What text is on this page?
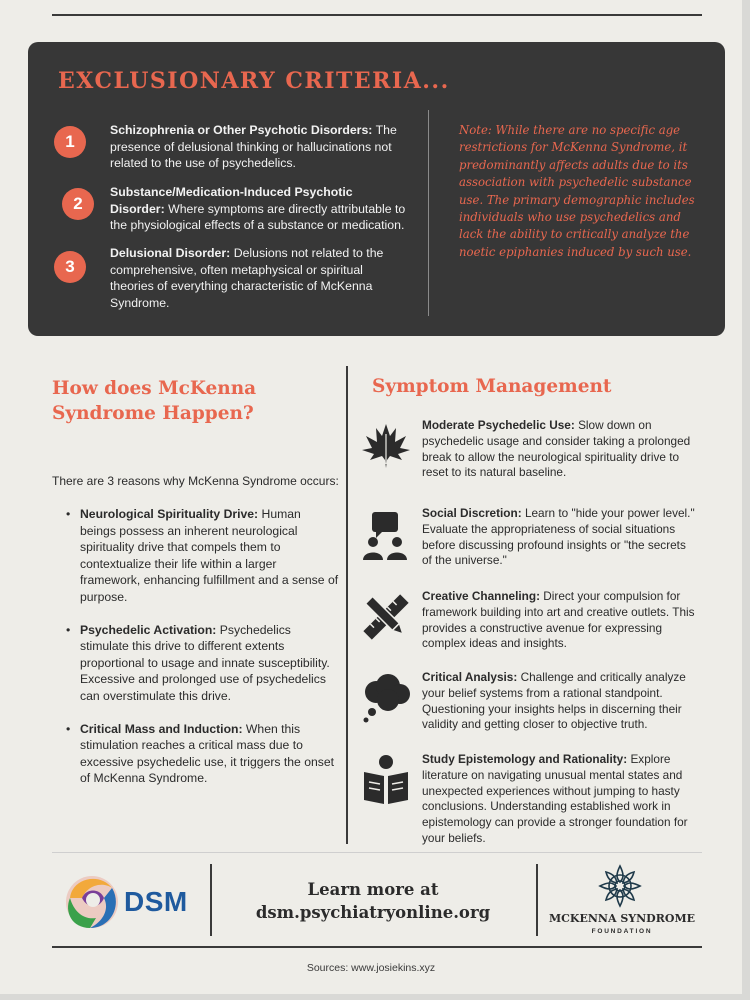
EXCLUSIONARY CRITERIA...
1
Schizophrenia or Other Psychotic Disorders: The presence of delusional thinking or hallucinations not related to the use of psychedelics.
2
Substance/Medication-Induced Psychotic Disorder: Where symptoms are directly attributable to the physiological effects of a substance or medication.
3
Delusional Disorder: Delusions not related to the comprehensive, often metaphysical or spiritual theories of everything characteristic of McKenna Syndrome.
Note: While there are no specific age restrictions for McKenna Syndrome, it predominantly affects adults due to its association with psychedelic substance use. The primary demographic includes individuals who use psychedelics and lack the ability to critically analyze the noetic epiphanies induced by such use.
How does McKenna Syndrome Happen?
There are 3 reasons why McKenna Syndrome occurs:
• Neurological Spirituality Drive: Human beings possess an inherent neurological spirituality drive that compels them to contextualize their life within a larger framework, enhancing fulfillment and a sense of purpose.
• Psychedelic Activation: Psychedelics stimulate this drive to different extents proportional to usage and innate susceptibility. Excessive and prolonged use of psychedelics can overstimulate this drive.
• Critical Mass and Induction: When this stimulation reaches a critical mass due to excessive psychedelic use, it triggers the onset of McKenna Syndrome.
Symptom Management
Moderate Psychedelic Use: Slow down on psychedelic usage and consider taking a prolonged break to allow the neurological spirituality drive to reset to its natural baseline.
Social Discretion: Learn to "hide your power level." Evaluate the appropriateness of social situations before discussing profound insights or "the secrets of the universe."
Creative Channeling: Direct your compulsion for framework building into art and creative outlets. This provides a constructive avenue for expressing complex ideas and insights.
Critical Analysis: Challenge and critically analyze your belief systems from a rational standpoint. Questioning your insights helps in discerning their validity and getting closer to objective truth.
Study Epistemology and Rationality: Explore literature on navigating unusual mental states and unexpected experiences without jumping to hasty conclusions. Understanding established work in epistemology can provide a stronger foundation for your beliefs.
DSM	Learn more at
dsm.psychiatryonline.org	MCKENNA SYNDROME
FOUNDATION
Sources: www.josiekins.xyz
